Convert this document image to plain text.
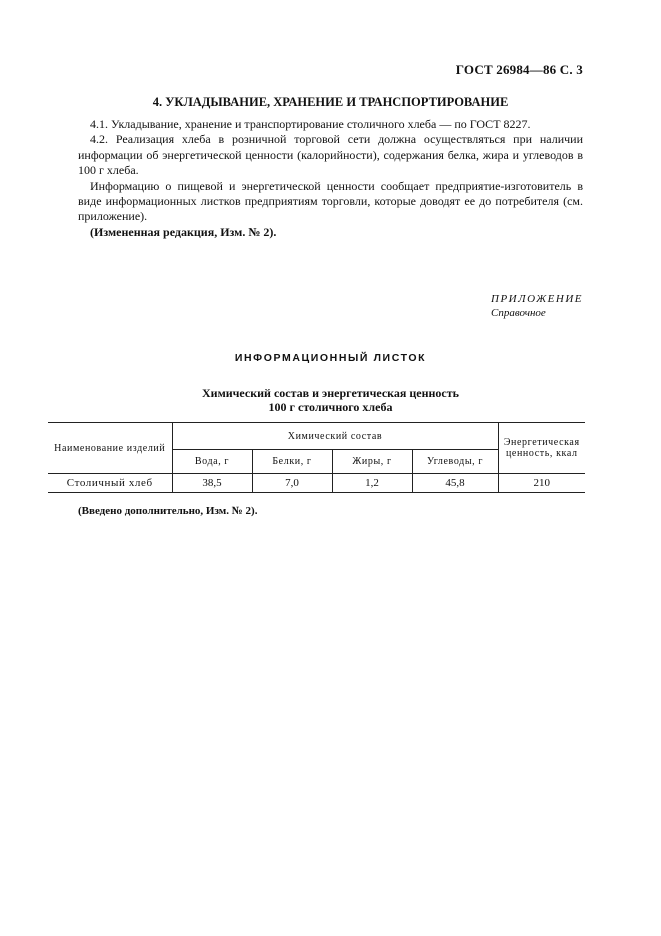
ГОСТ 26984—86 С. 3
4. УКЛАДЫВАНИЕ, ХРАНЕНИЕ И ТРАНСПОРТИРОВАНИЕ

4.1. Укладывание, хранение и транспортирование столичного хлеба — по ГОСТ 8227.

4.2. Реализация хлеба в розничной торговой сети должна осуществляться при наличии информации об энергетической ценности (калорийности), содержания белка, жира и углеводов в 100 г хлеба.

Информацию о пищевой и энергетической ценности сообщает предприятие-изготовитель в виде информационных листков предприятиям торговли, которые доводят ее до потребителя (см. приложение).

(Измененная редакция, Изм. № 2).

ПРИЛОЖЕНИЕ
Справочное
ИНФОРМАЦИОННЫЙ ЛИСТОК
Химический состав и энергетическая ценность
100 г столичного хлеба
Наименование изделий	Химический состав				Энергетическая ценность, ккал
	Вода, г	Белки, г	Жиры, г	Углеводы, г	
Столичный хлеб	38,5	7,0	1,2	45,8	210
(Введено дополнительно, Изм. № 2).
